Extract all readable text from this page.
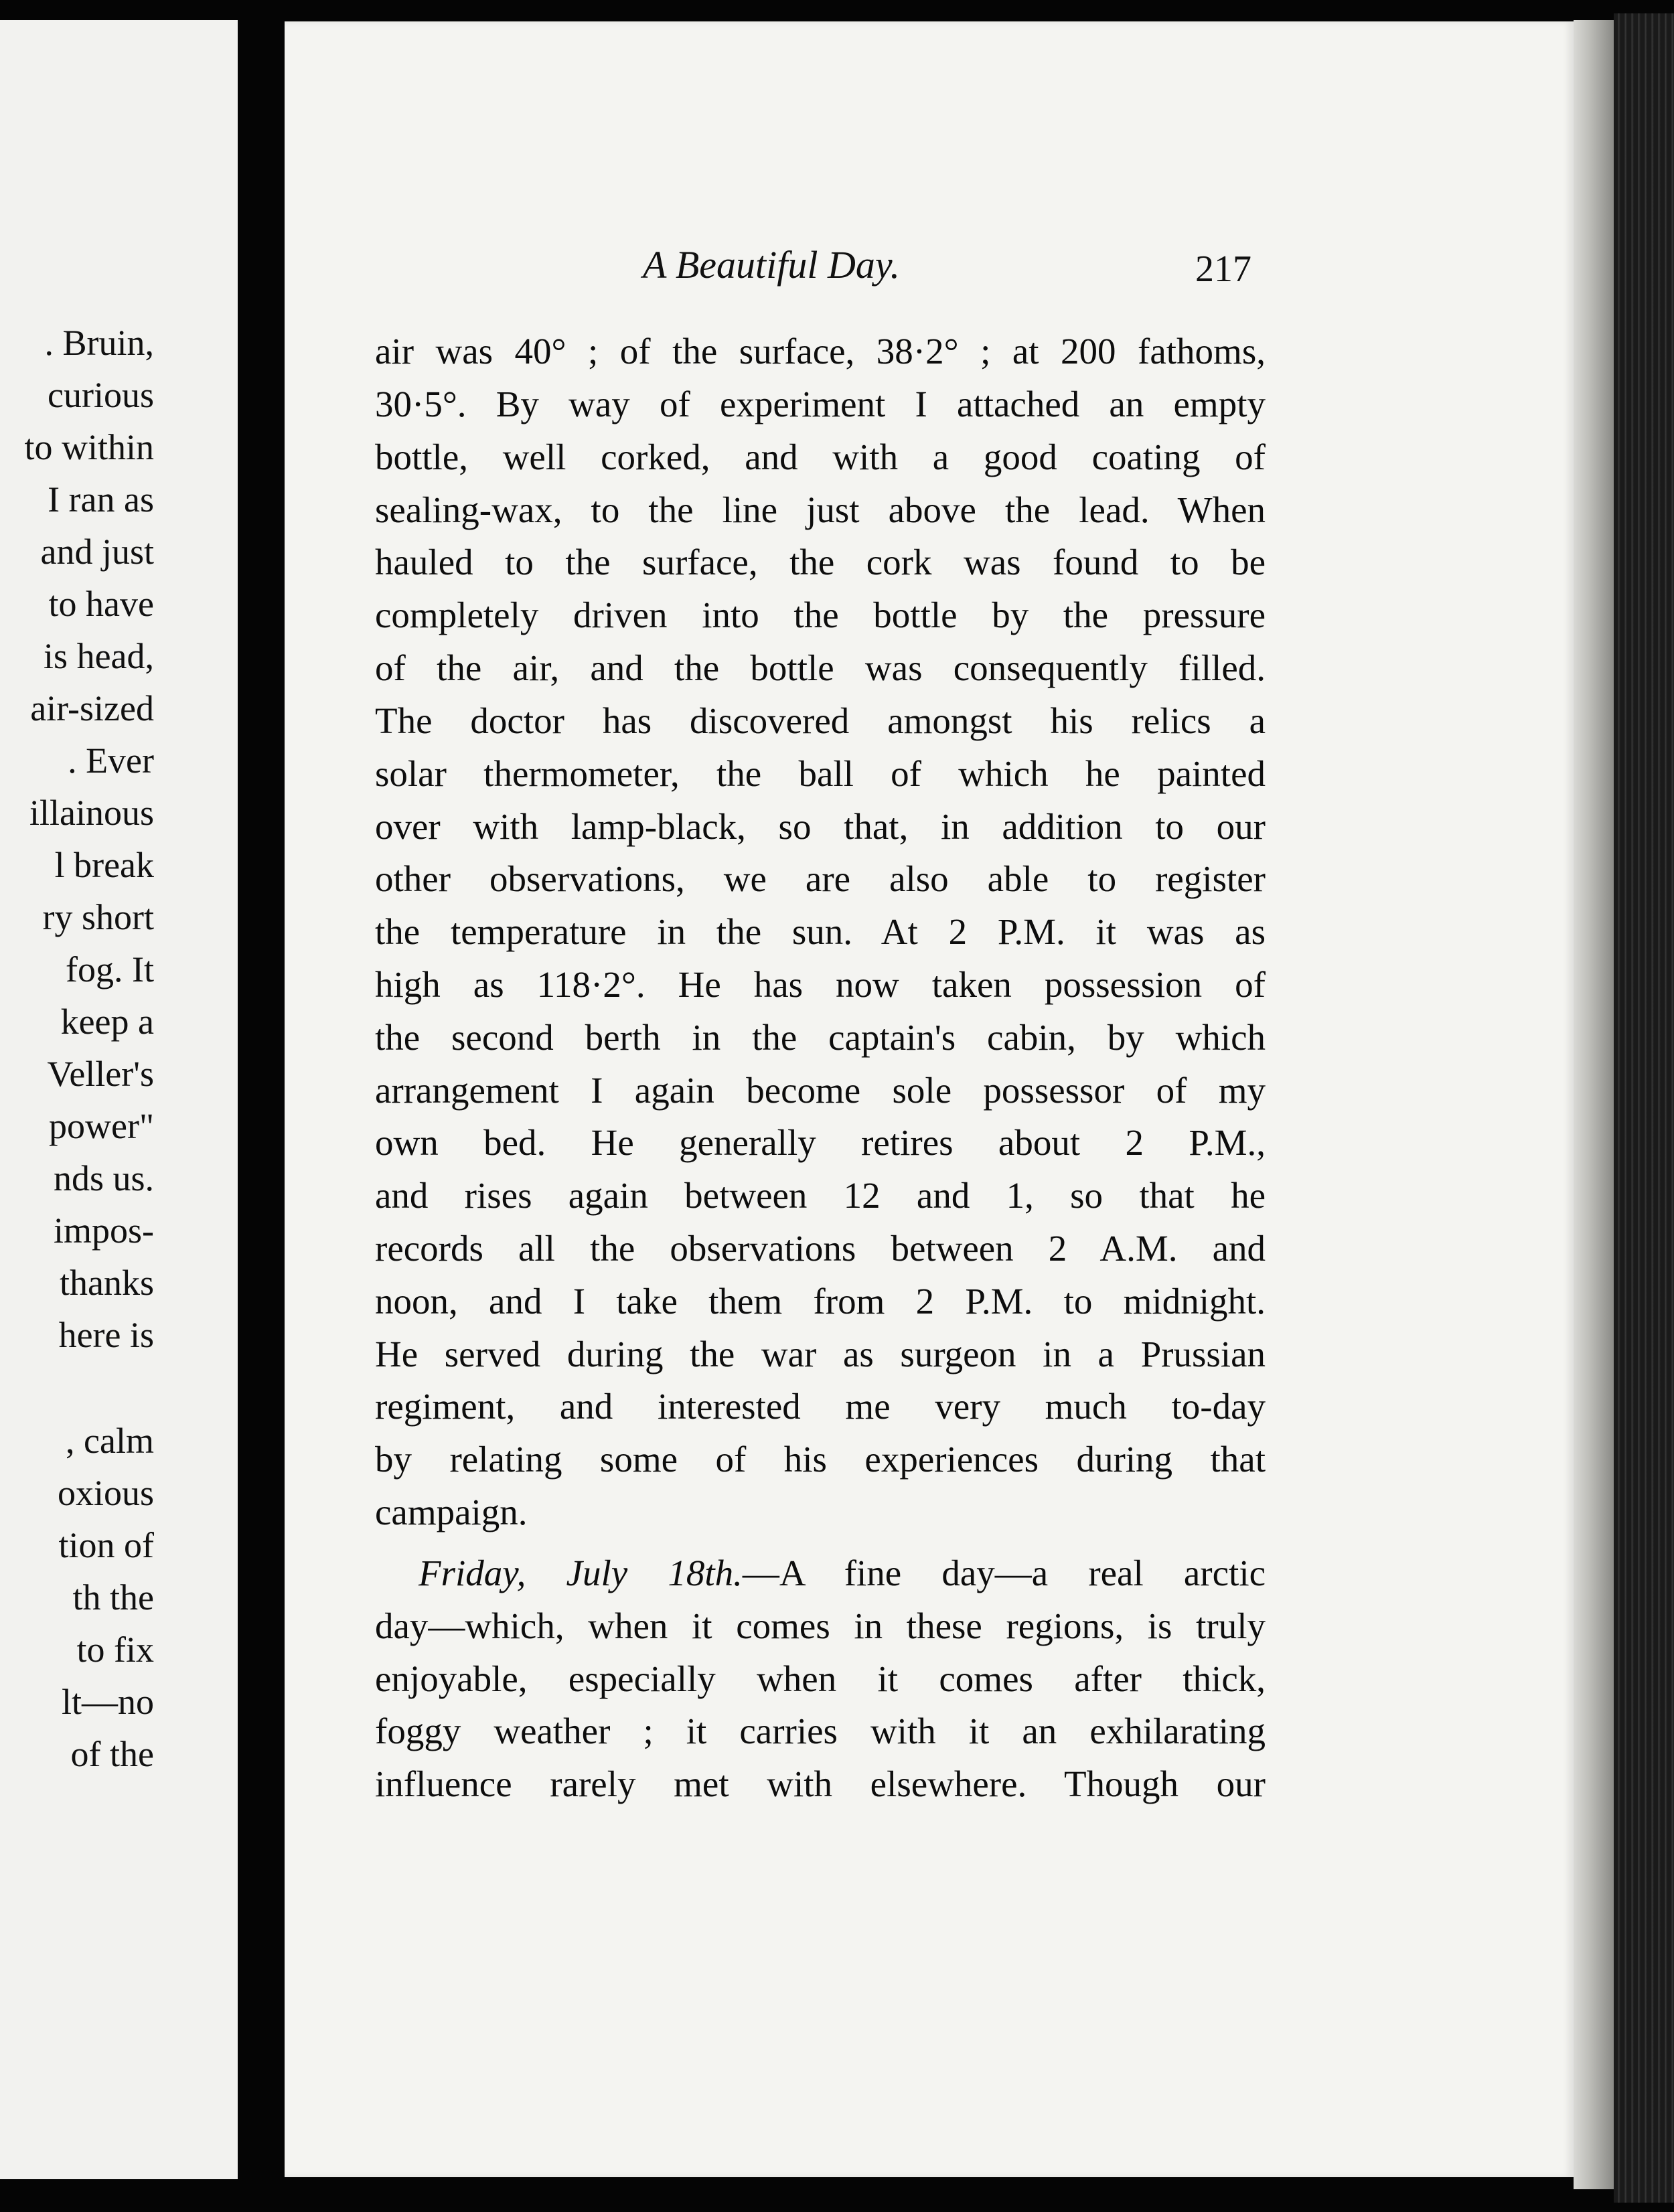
. Bruin,
curious
to within
I ran as
and just
to have
is head,
air-sized
. Ever
illainous
l break
ry short
fog. It
keep a
Veller's
power"
nds us.
impos-
thanks
here is
, calm
oxious
tion of
th the
to fix
lt—no
of the
A Beautiful Day.	217
air was 40° ; of the surface, 38·2° ; at 200 fathoms,
30·5°. By way of experiment I attached an empty
bottle, well corked, and with a good coating of
sealing-wax, to the line just above the lead. When
hauled to the surface, the cork was found to be
completely driven into the bottle by the pressure
of the air, and the bottle was consequently filled.
The doctor has discovered amongst his relics a
solar thermometer, the ball of which he painted
over with lamp-black, so that, in addition to our
other observations, we are also able to register
the temperature in the sun. At 2 P.M. it was as
high as 118·2°. He has now taken possession of
the second berth in the captain's cabin, by which
arrangement I again become sole possessor of my
own bed. He generally retires about 2 P.M.,
and rises again between 12 and 1, so that he
records all the observations between 2 A.M. and
noon, and I take them from 2 P.M. to midnight.
He served during the war as surgeon in a Prussian
regiment, and interested me very much to-day
by relating some of his experiences during that
campaign.
Friday, July 18th.—A fine day—a real arctic
day—which, when it comes in these regions, is truly
enjoyable, especially when it comes after thick,
foggy weather ; it carries with it an exhilarating
influence rarely met with elsewhere. Though our
